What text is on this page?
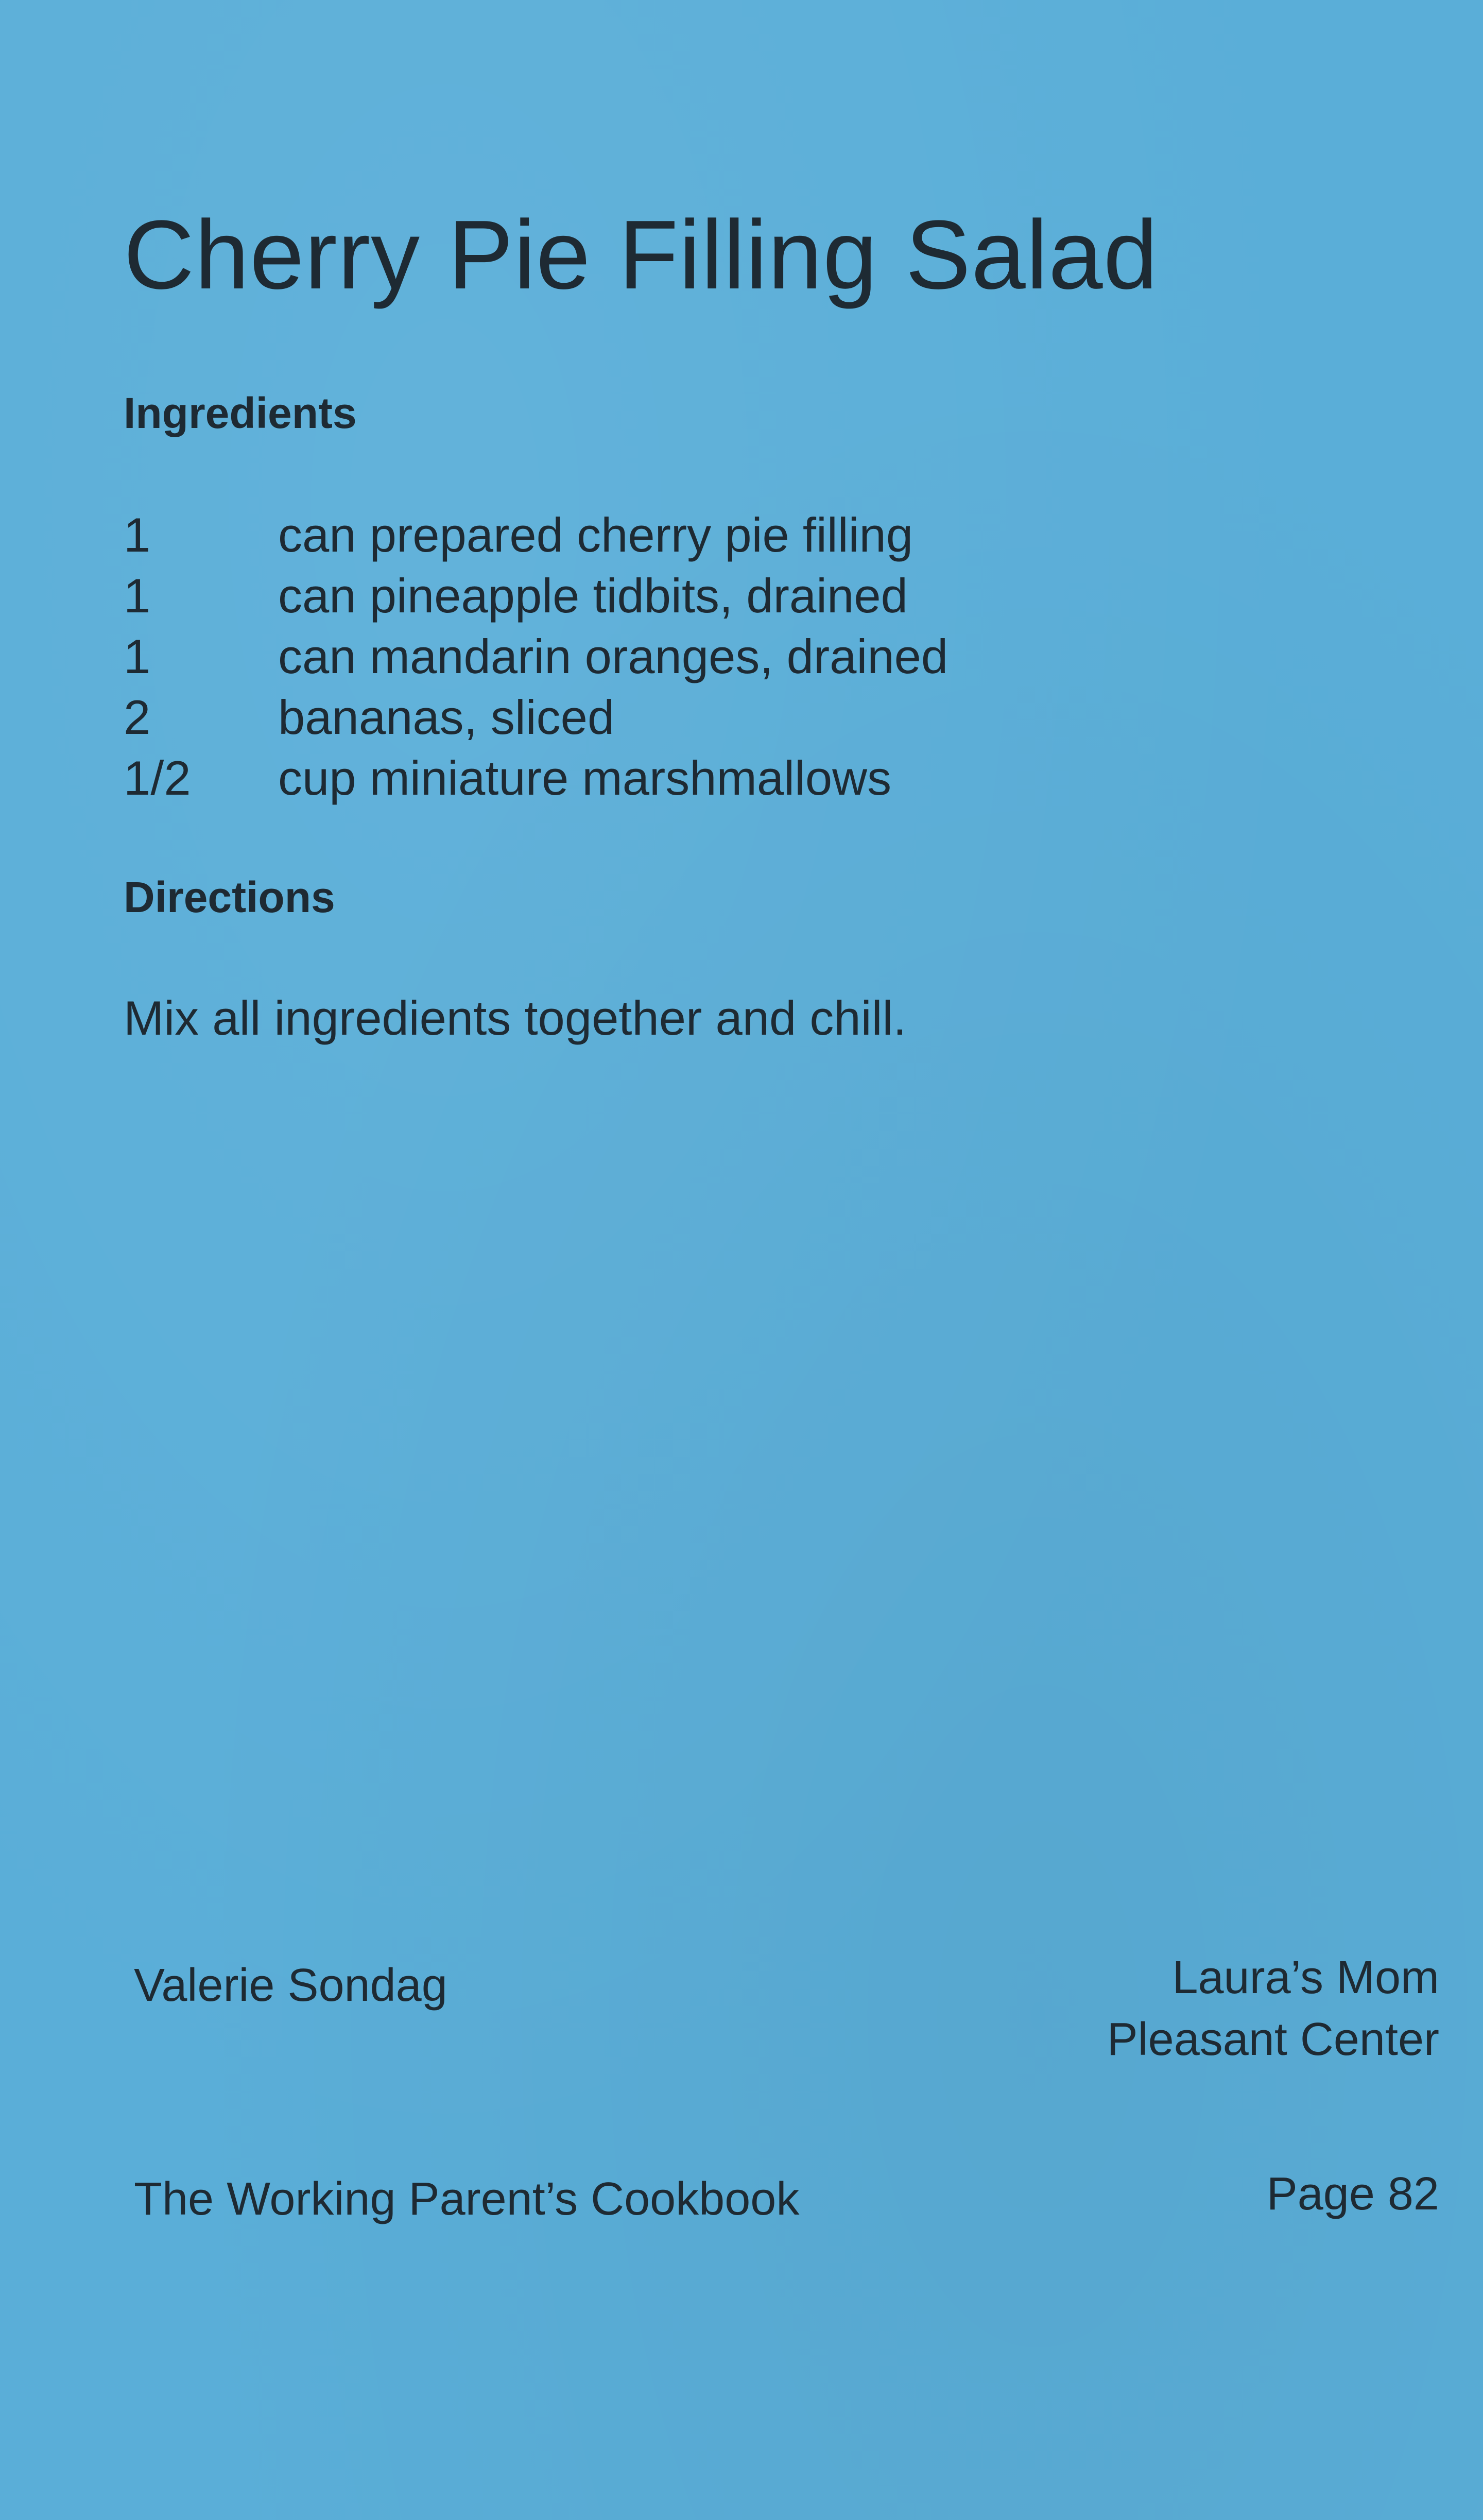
Cherry Pie Filling Salad
Ingredients
1	can prepared cherry pie filling
1	can pineapple tidbits, drained
1	can mandarin oranges, drained
2	bananas, sliced
1/2	cup miniature marshmallows
Directions

Mix all ingredients together and chill.

Valerie Sondag	Laura’s Mom

Pleasant Center

The Working Parent’s Cookbook	Page 82
